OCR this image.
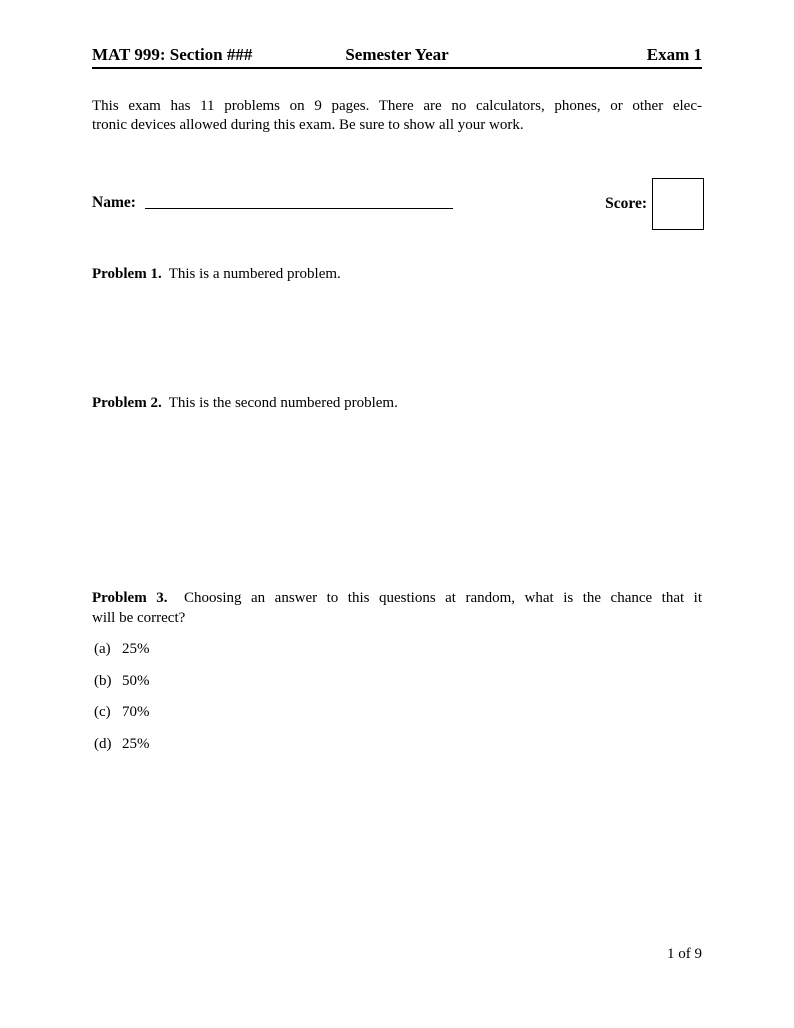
MAT 999: Section ###	Semester Year	Exam 1
This exam has 11 problems on 9 pages. There are no calculators, phones, or other elec-
tronic devices allowed during this exam. Be sure to show all your work.
Name:	Score:
Problem 1. This is a numbered problem.
Problem 2. This is the second numbered problem.
Problem 3. Choosing an answer to this questions at random, what is the chance that it
will be correct?
(a) 25%
(b) 50%
(c) 70%
(d) 25%
1 of 9
